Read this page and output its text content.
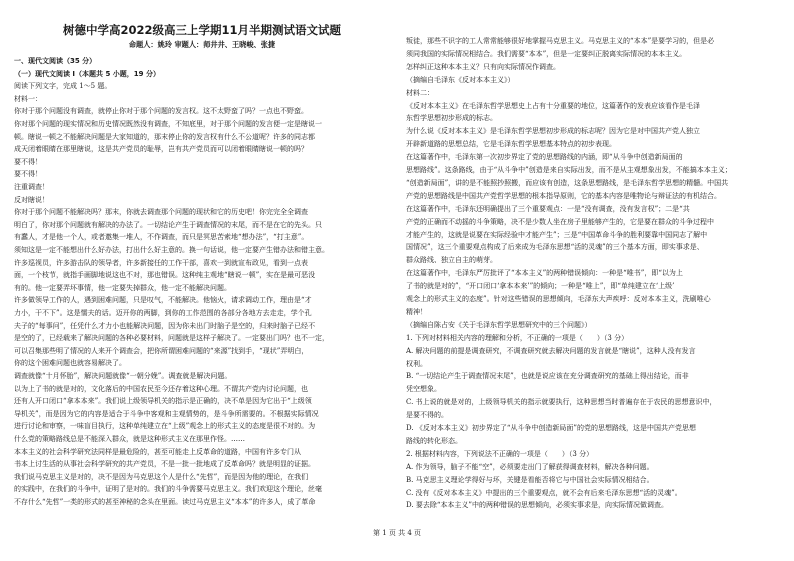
树德中学高2022级高三上学期11月半期测试语文试题
命题人：姚玲 审题人：师井井、王晓峻、张捷
一、现代文阅读（35 分）
（一）现代文阅读 I（本题共 5 小题，19 分）
阅读下列文字，完成 1～5 题。
材料一：
你对于那个问题没有调查，就停止你对于那个问题的发言权。这不太野蛮了吗？一点也不野蛮。
你对那个问题的现实情况和历史情况既然没有调查，不知底里，对于那个问题的发言便一定是瞎说一
顿。瞎说一顿之不能解决问题是大家知道的，那末停止你的发言权有什么不公道呢？许多的同志都
成天闭着眼睛在那里瞎说，这是共产党员的耻辱，岂有共产党员而可以闭着眼睛瞎说一顿的吗？
要不得！
要不得！
注重调查！
反对瞎说！
你对于那个问题不能解决吗？那末，你就去调查那个问题的现状和它的历史吧！你完完全全调查
明白了，你对那个问题就有解决的办法了。一切结论产生于调查情况的末尾，而不是在它的先头。只
有蠢人，才是他一个人，或者邀集一堆人，不作调查，而只是冥思苦索地“想办法”，“打主意”。
须知这是一定不能想出什么好办法，打出什么好主意的。换一句话说，他一定要产生错办法和错主意。
许多巡视员，许多游击队的领导者，许多新接任的工作干部，喜欢一到就宣布政见，看到一点表
面，一个枝节，就指手画脚地说这也不对，那也错误。这种纯主观地“瞎说一顿”，实在是最可恶没
有的。他一定要弄坏事情，他一定要失掉群众，他一定不能解决问题。
许多做领导工作的人，遇到困难问题，只是叹气，不能解决。他恼火，请求调动工作，理由是“才
力小，干不下”。这是懦夫的话。迈开你的两脚，到你的工作范围的各部分各地方去走走，学个孔
夫子的“每事问”，任凭什么才力小也能解决问题，因为你未出门时脑子是空的，归来时脑子已经不
是空的了，已经载来了解决问题的各种必要材料，问题就是这样子解决了。一定要出门吗？也不一定，
可以召集那些明了情况的人来开个调查会，把你所谓困难问题的“来源”找到手，“现状”弄明白，
你的这个困难问题也就容易解决了。
调查就像“十月怀胎”，解决问题就像“一朝分娩”。调查就是解决问题。
以为上了书的就是对的，文化落后的中国农民至今还存着这种心理。不谓共产党内讨论问题，也
还有人开口闭口“拿本本来”。我们说上级领导机关的指示是正确的，决不单是因为它出于“上级领
导机关”，而是因为它的内容是适合于斗争中客观和主观情势的，是斗争所需要的。不根据实际情况
进行讨论和审察，一味盲目执行，这种单纯建立在“上级”观念上的形式主义的态度是很不对的。为
什么党的策略路线总是不能深入群众，就是这种形式主义在那里作怪。……
本本主义的社会科学研究法同样是最危险的，甚至可能走上反革命的道路，中国有许多专门从
书本上讨生活的从事社会科学研究的共产党员，不是一批一批地成了反革命吗？就是明显的证据。
我们说马克思主义是对的，决不是因为马克思这个人是什么“先哲”，而是因为他的理论，在我们
的实践中，在我们的斗争中，证明了是对的。我们的斗争需要马克思主义。我们欢迎这个理论，丝毫
不存什么“先哲”一类的形式的甚至神秘的念头在里面。读过马克思主义“本本”的许多人，成了革命
叛徒，那些不识字的工人常常能够很好地掌握马克思主义。马克思主义的“本本”是要学习的，但是必
须同我国的实际情况相结合。我们需要“本本”，但是一定要纠正脱离实际情况的本本主义。
怎样纠正这种本本主义？只有向实际情况作调查。
（摘编自毛泽东《反对本本主义》）
材料二：
《反对本本主义》在毛泽东哲学思想史上占有十分重要的地位，这篇著作的发表应该看作是毛泽
东哲学思想初步形成的标志。
为什么说《反对本本主义》是毛泽东哲学思想初步形成的标志呢？因为它是对中国共产党人独立
开辟新道路的思想总结，它是毛泽东哲学思想基本特点的初步表现。
在这篇著作中，毛泽东第一次初步界定了党的思想路线的内涵，即“从斗争中创造新局面的
思想路线”。这条路线，由于“从斗争中”创造是来自实际出发，而不是从主观想象出发，不能搞本本主义；
“创造新局面”，讲的是不能照抄照搬，而应该有创造，这条思想路线，是毛泽东哲学思想的精髓。中国共
产党的思想路线是中国共产党哲学思想的根本指导原则，它的基本内容是唯物论与辩证法的有机结合。
在这篇著作中，毛泽东还明确提出了三个重要观点：一是“没有调查，没有发言权”；二是“共
产党的正确而不动摇的斗争策略，决不是少数人坐在房子里能够产生的，它是要在群众的斗争过程中
才能产生的，这就是说要在实际经验中才能产生”；三是“中国革命斗争的胜利要靠中国同志了解中
国情况”，这三个重要观点构成了后来成为毛泽东思想“活的灵魂”的三个基本方面，即实事求是、
群众路线、独立自主的萌芽。
在这篇著作中，毛泽东严厉批评了“本本主义”的两种错误倾向：一种是“唯书”，即“以为上
了书的就是对的”，“开口闭口‘拿本本来’”的倾向；一种是“唯上”，即“单纯建立在‘上级’
观念上的形式主义的态度”。针对这些错误的思想倾向，毛泽东大声疾呼：反对本本主义，洗刷唯心
精神！
（摘编自陈占安《关于毛泽东哲学思想研究中的三个问题》）
1. 下列对材料相关内容的理解和分析，不正确的一项是（　　）（3 分）
A. 解决问题的前提是调查研究，不调查研究就去解决问题的发言就是“瞎说”，这种人没有发言
权利。
B. “一切结论产生于调查情况末尾”，也就是说应该在充分调查研究的基础上得出结论，而非
凭空想象。
C. 书上说的就是对的，上级领导机关的指示就要执行，这种思想当时普遍存在于农民的思想意识中，
是要不得的。
D. 《反对本本主义》初步界定了“从斗争中创造新局面”的党的思想路线，这是中国共产党思想
路线的转化形态。
2. 根据材料内容，下列说法不正确的一项是（　　）（3 分）
A. 作为领导，脑子不能“空”，必须要走出门了解获得调查材料，解决各种问题。
B. 马克思主义理论学得好与坏，关键是看能否将它与中国社会实际情况相结合。
C. 没有《反对本本主义》中提出的三个重要观点，就不会有后来毛泽东思想“活的灵魂”。
D. 要去除“本本主义”中的两种错误的思想倾向，必须实事求是，向实际情况做调查。
第 1 页 共 4 页
